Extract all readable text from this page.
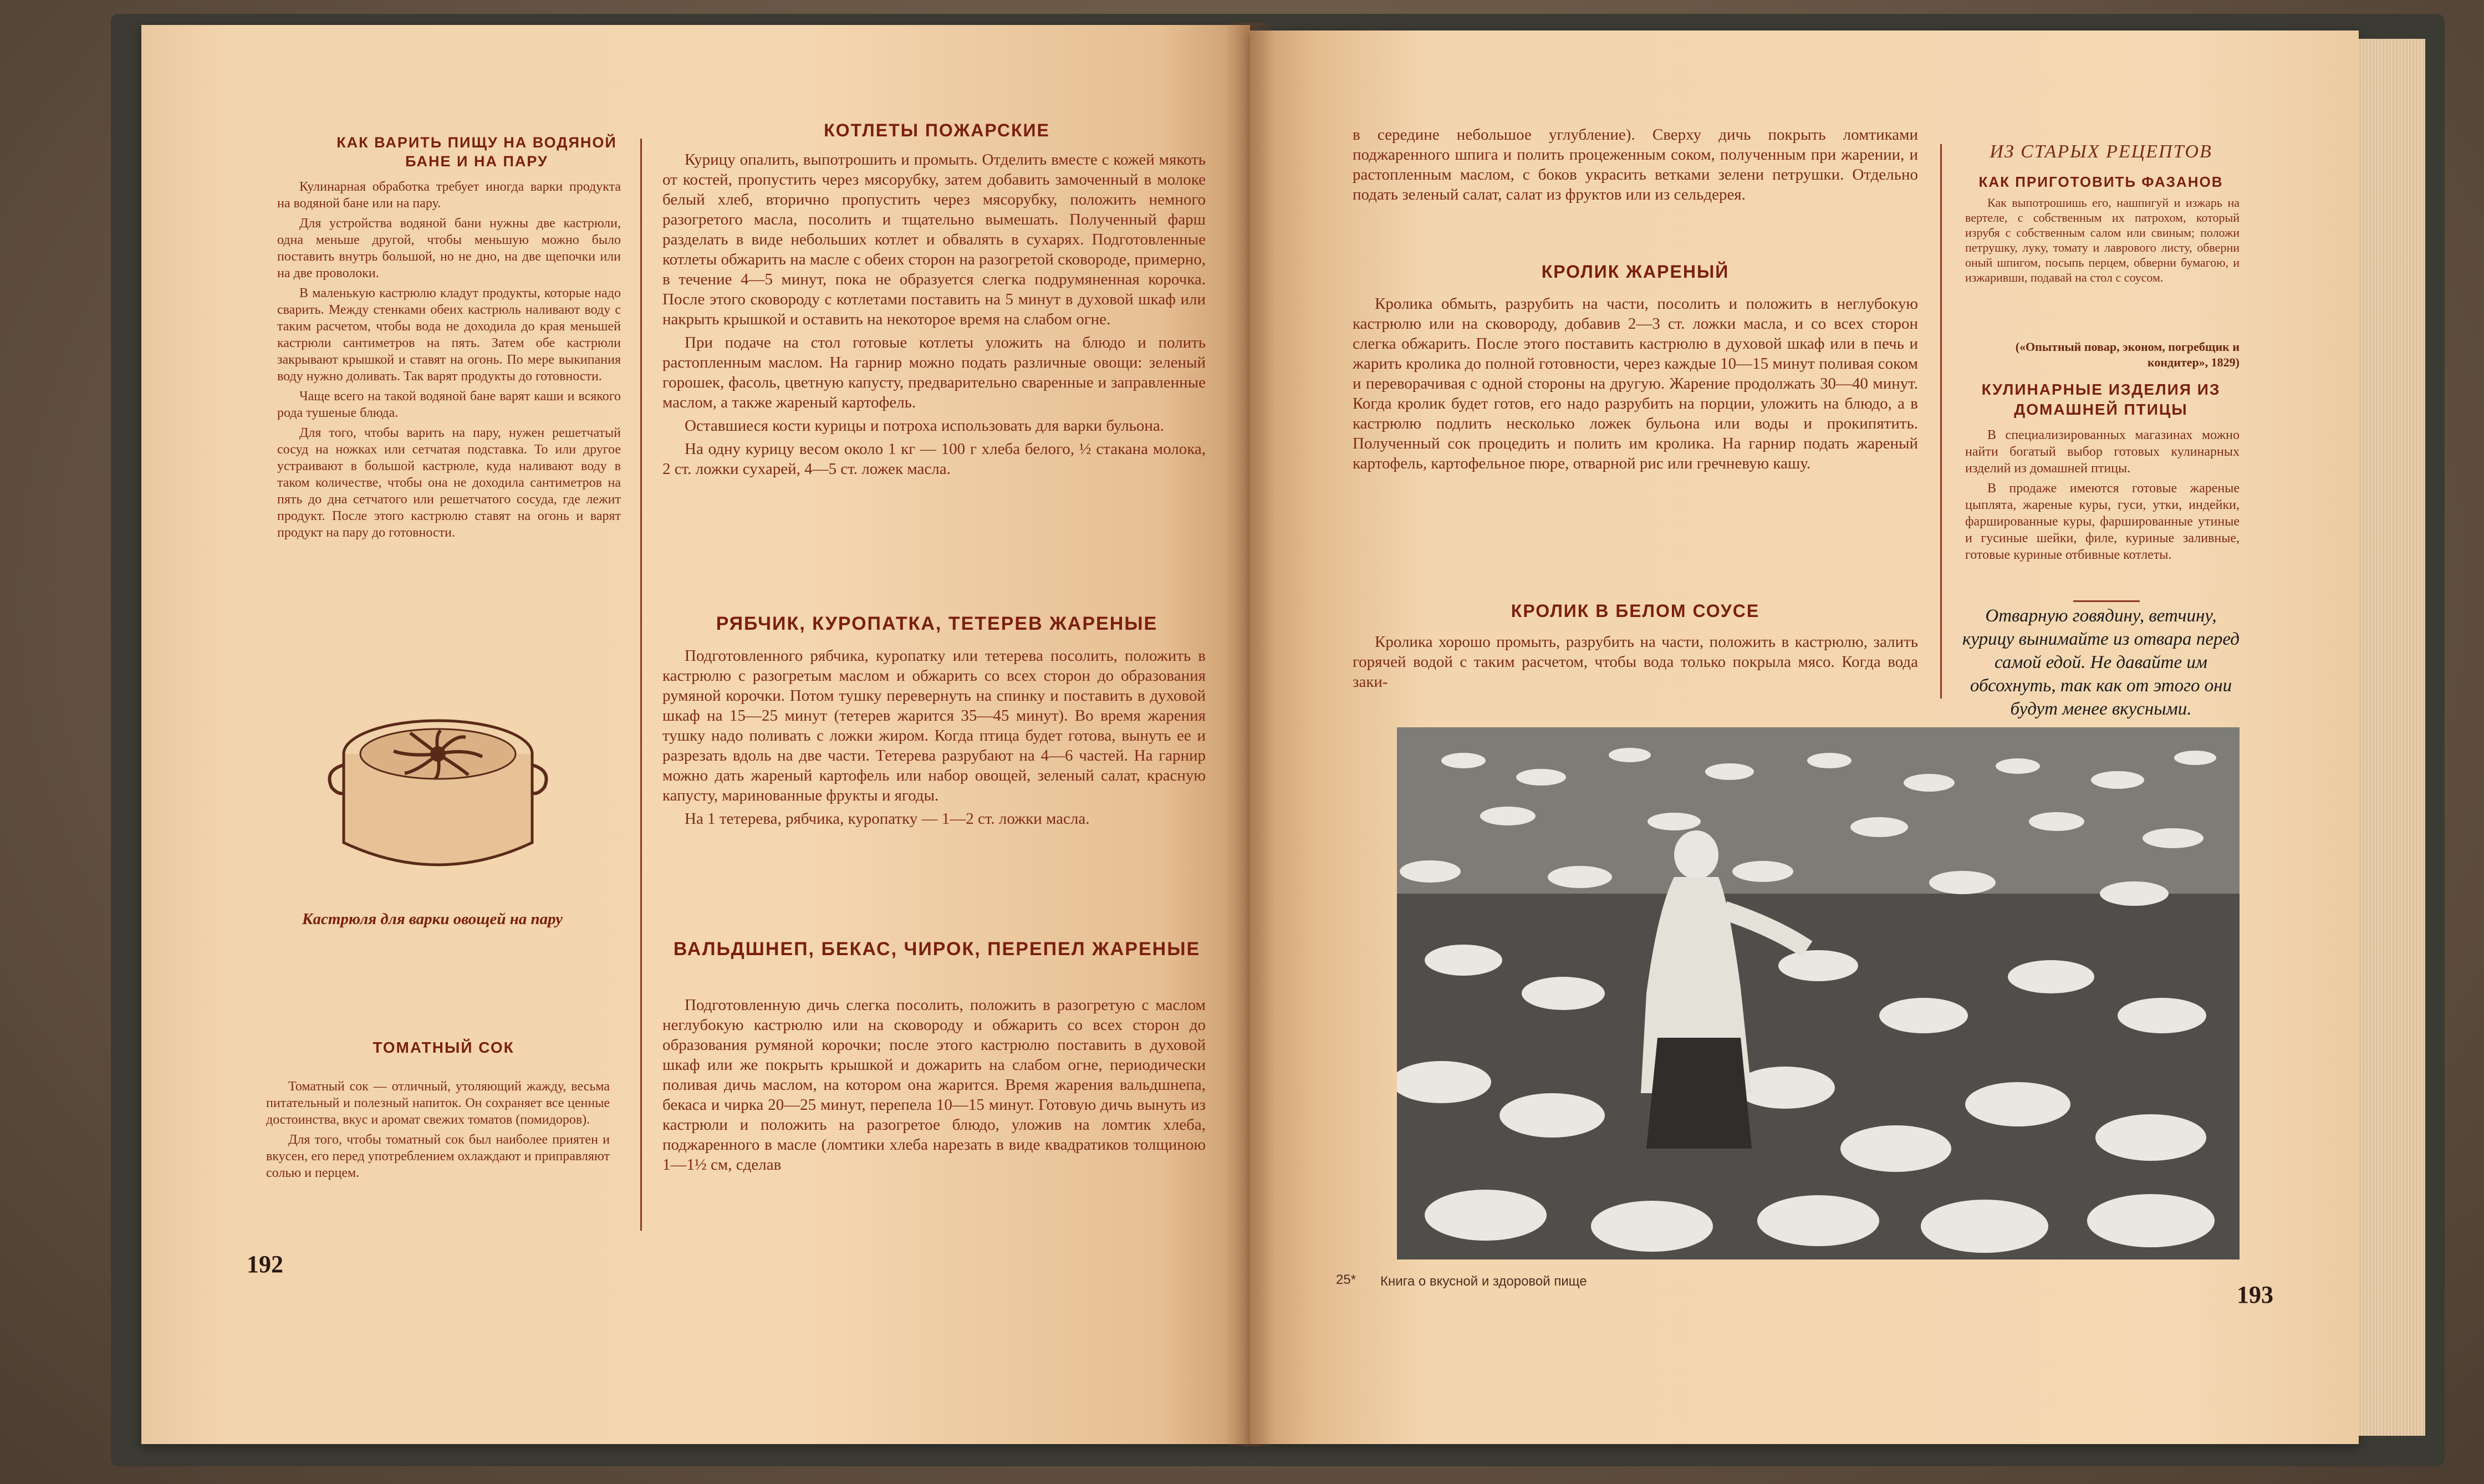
КАК ВАРИТЬ ПИЩУ НА ВОДЯНОЙ БАНЕ И НА ПАРУ

Кулинарная обработка требует иногда варки продукта на водяной бане или на пару.

Для устройства водяной бани нужны две кастрюли, одна меньше другой, чтобы меньшую можно было поставить внутрь большой, но не дно, на две щепочки или на две проволоки.

В маленькую кастрюлю кладут продукты, которые надо сварить. Между стенками обеих кастрюль наливают воду с таким расчетом, чтобы вода не доходила до края меньшей кастрюли сантиметров на пять. Затем обе кастрюли закрывают крышкой и ставят на огонь. По мере выкипания воду нужно доливать. Так варят продукты до готовности.

Чаще всего на такой водяной бане варят каши и всякого рода тушеные блюда.

Для того, чтобы варить на пару, нужен решетчатый сосуд на ножках или сетчатая подставка. То или другое устраивают в большой кастрюле, куда наливают воду в таком количестве, чтобы она не доходила сантиметров на пять до дна сетчатого или решетчатого сосуда, где лежит продукт. После этого кастрюлю ставят на огонь и варят продукт на пару до готовности.

Кастрюля для варки овощей на пару
ТОМАТНЫЙ СОК

Томатный сок — отличный, утоляющий жажду, весьма питательный и полезный напиток. Он сохраняет все ценные достоинства, вкус и аромат свежих томатов (помидоров).

Для того, чтобы томатный сок был наиболее приятен и вкусен, его перед употреблением охлаждают и приправляют солью и перцем.

КОТЛЕТЫ ПОЖАРСКИЕ

Курицу опалить, выпотрошить и промыть. Отделить вместе с кожей мякоть от костей, пропустить через мясорубку, затем добавить замоченный в молоке белый хлеб, вторично пропустить через мясорубку, положить немного разогретого масла, посолить и тщательно вымешать. Полученный фарш разделать в виде небольших котлет и обвалять в сухарях. Подготовленные котлеты обжарить на масле с обеих сторон на разогретой сковороде, примерно, в течение 4—5 минут, пока не образуется слегка подрумяненная корочка. После этого сковороду с котлетами поставить на 5 минут в духовой шкаф или накрыть крышкой и оставить на некоторое время на слабом огне.

При подаче на стол готовые котлеты уложить на блюдо и полить растопленным маслом. На гарнир можно подать различные овощи: зеленый горошек, фасоль, цветную капусту, предварительно сваренные и заправленные маслом, а также жареный картофель.

Оставшиеся кости курицы и потроха использовать для варки бульона.

На одну курицу весом около 1 кг — 100 г хлеба белого, ½ стакана молока, 2 ст. ложки сухарей, 4—5 ст. ложек масла.

РЯБЧИК, КУРОПАТКА, ТЕТЕРЕВ ЖАРЕНЫЕ

Подготовленного рябчика, куропатку или тетерева посолить, положить в кастрюлю с разогретым маслом и обжарить со всех сторон до образования румяной корочки. Потом тушку перевернуть на спинку и поставить в духовой шкаф на 15—25 минут (тетерев жарится 35—45 минут). Во время жарения тушку надо поливать с ложки жиром. Когда птица будет готова, вынуть ее и разрезать вдоль на две части. Тетерева разрубают на 4—6 частей. На гарнир можно дать жареный картофель или набор овощей, зеленый салат, красную капусту, маринованные фрукты и ягоды.

На 1 тетерева, рябчика, куропатку — 1—2 ст. ложки масла.

ВАЛЬДШНЕП, БЕКАС, ЧИРОК, ПЕРЕПЕЛ ЖАРЕНЫЕ

Подготовленную дичь слегка посолить, положить в разогретую с маслом неглубокую кастрюлю или на сковороду и обжарить со всех сторон до образования румяной корочки; после этого кастрюлю поставить в духовой шкаф или же покрыть крышкой и дожарить на слабом огне, периодически поливая дичь маслом, на котором она жарится. Время жарения вальдшнепа, бекаса и чирка 20—25 минут, перепела 10—15 минут. Готовую дичь вынуть из кастрюли и положить на разогретое блюдо, уложив на ломтик хлеба, поджаренного в масле (ломтики хлеба нарезать в виде квадратиков толщиною 1—1½ см, сделав

192

в середине небольшое углубление). Сверху дичь покрыть ломтиками поджаренного шпига и полить процеженным соком, полученным при жарении, и растопленным маслом, с боков украсить ветками зелени петрушки. Отдельно подать зеленый салат, салат из фруктов или из сельдерея.

КРОЛИК ЖАРЕНЫЙ

Кролика обмыть, разрубить на части, посолить и положить в неглубокую кастрюлю или на сковороду, добавив 2—3 ст. ложки масла, и со всех сторон слегка обжарить. После этого поставить кастрюлю в духовой шкаф или в печь и жарить кролика до полной готовности, через каждые 10—15 минут поливая соком и переворачивая с одной стороны на другую. Жарение продолжать 30—40 минут. Когда кролик будет готов, его надо разрубить на порции, уложить на блюдо, а в кастрюлю подлить несколько ложек бульона или воды и прокипятить. Полученный сок процедить и полить им кролика. На гарнир подать жареный картофель, картофельное пюре, отварной рис или гречневую кашу.

КРОЛИК В БЕЛОМ СОУСЕ

Кролика хорошо промыть, разрубить на части, положить в кастрюлю, залить горячей водой с таким расчетом, чтобы вода только покрыла мясо. Когда вода заки-

ИЗ СТАРЫХ РЕЦЕПТОВ
КАК ПРИГОТОВИТЬ ФАЗАНОВ

Как выпотрошишь его, нашпигуй и изжарь на вертеле, с собственным их патрохом, который изрубя с собственным салом или свиным; положи петрушку, луку, томату и лаврового листу, обверни оный шпигом, посыпь перцем, обверни бумагою, и изжаривши, подавай на стол с соусом.

(«Опытный повар, эконом, погребщик и кондитер», 1829)
КУЛИНАРНЫЕ ИЗДЕЛИЯ ИЗ ДОМАШНЕЙ ПТИЦЫ

В специализированных магазинах можно найти богатый выбор готовых кулинарных изделий из домашней птицы.

В продаже имеются готовые жареные цыплята, жареные куры, гуси, утки, индейки, фаршированные куры, фаршированные утиные и гусиные шейки, филе, куриные заливные, готовые куриные отбивные котлеты.

Отварную говядину, ветчину, курицу вынимайте из отвара перед самой едой. Не давайте им обсохнуть, так как от этого они будут менее вкусными.
25* Книга о вкусной и здоровой пище	193
